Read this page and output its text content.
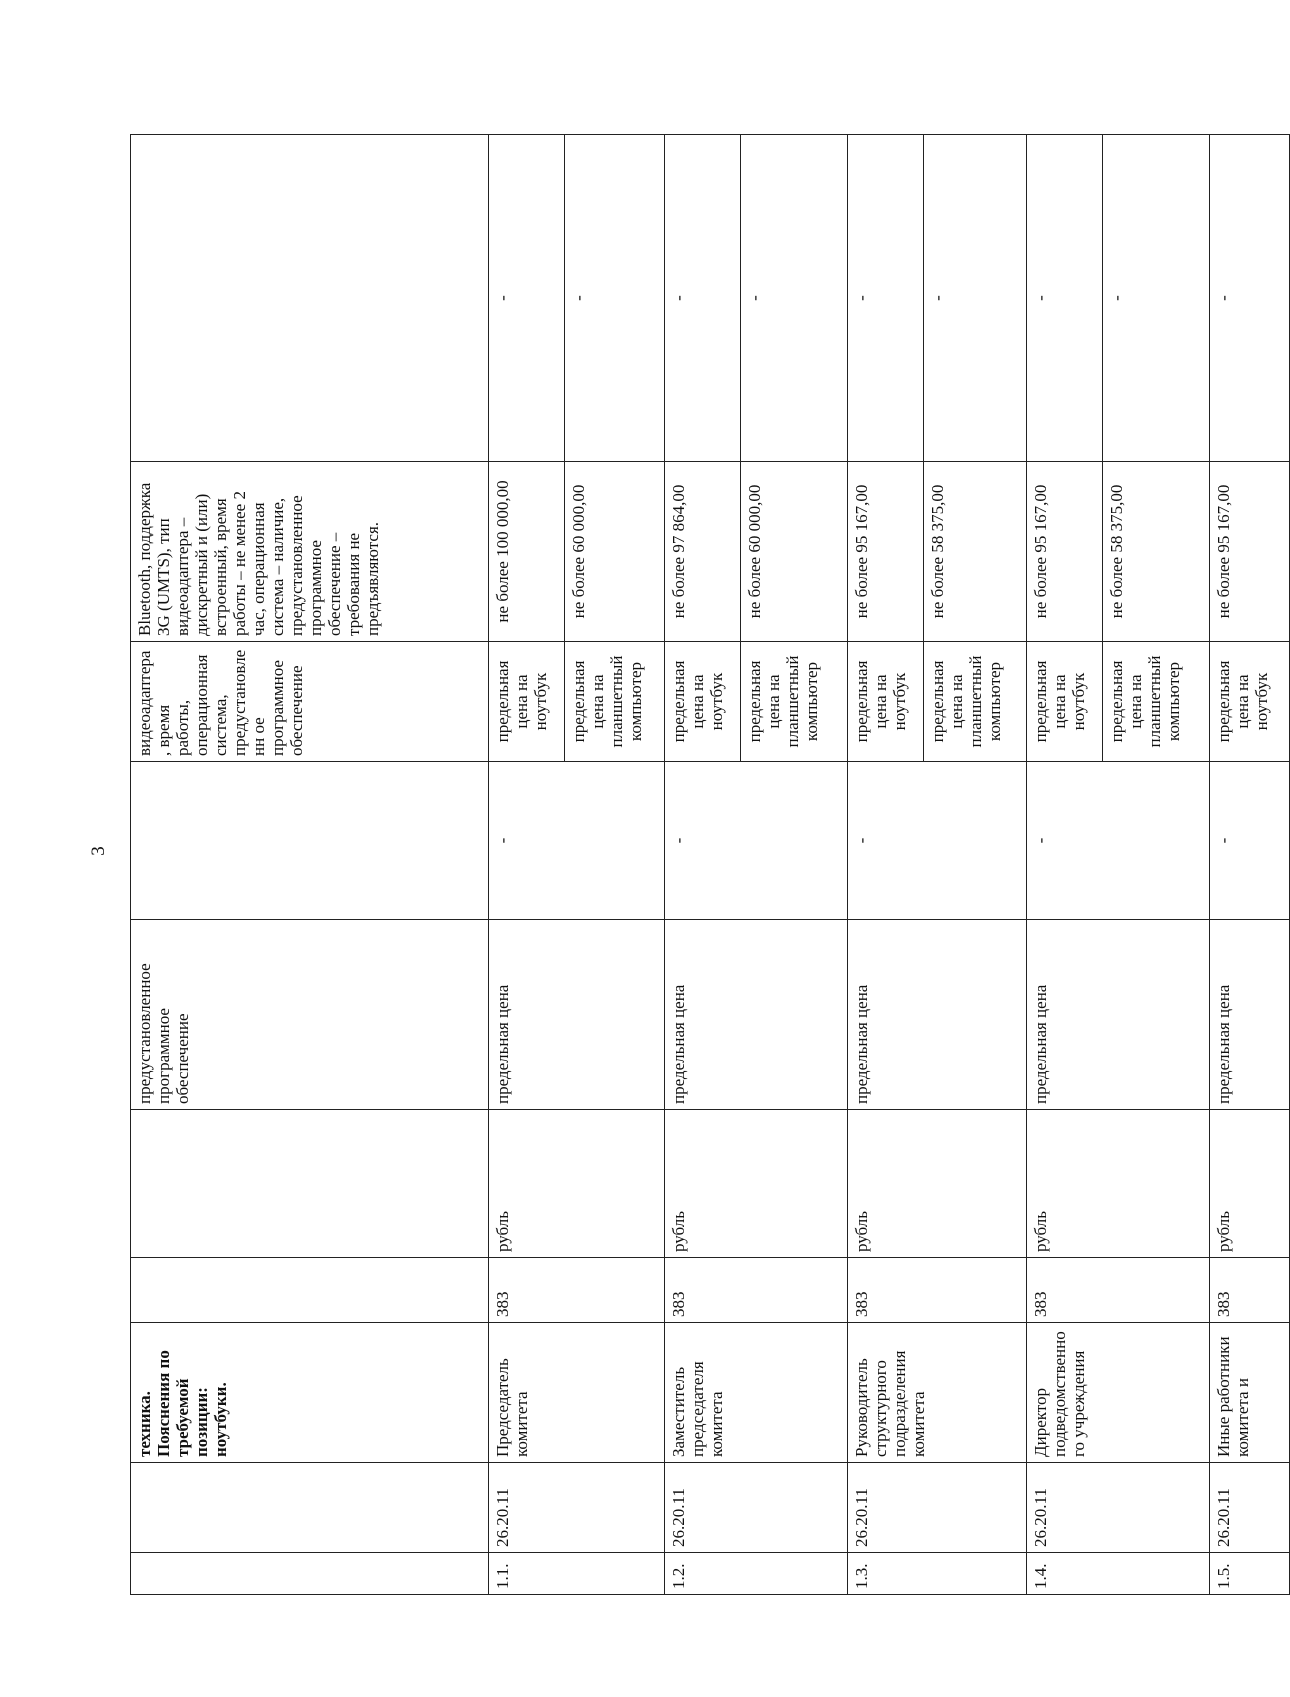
3
		техника. Пояснения по требуемой позиции: ноутбуки.			предустановленное программное обеспечение		видеоадаптера, время работы, операционная система, предустановленн ое программное обеспечение	Bluetooth, поддержка 3G (UMTS), тип видеоадаптера – дискретный и (или) встроенный, время работы – не менее 2 час, операционная система – наличие, предустановленное программное обеспечение – требования не предъявляются.	
1.1.	26.20.11	Председатель комитета	383	рубль	предельная цена	-	предельная цена на ноутбук	не более 100 000,00	-
							предельная цена на планшетный компьютер	не более 60 000,00	-
1.2.	26.20.11	Заместитель председателя комитета	383	рубль	предельная цена	-	предельная цена на ноутбук	не более 97 864,00	-
							предельная цена на планшетный компьютер	не более 60 000,00	-
1.3.	26.20.11	Руководитель структурного подразделения комитета	383	рубль	предельная цена	-	предельная цена на ноутбук	не более 95 167,00	-
							предельная цена на планшетный компьютер	не более 58 375,00	-
1.4.	26.20.11	Директор подведомственного учреждения	383	рубль	предельная цена	-	предельная цена на ноутбук	не более 95 167,00	-
							предельная цена на планшетный компьютер	не более 58 375,00	-
1.5.	26.20.11	Иные работники комитета и	383	рубль	предельная цена	-	предельная цена на ноутбук	не более 95 167,00	-
